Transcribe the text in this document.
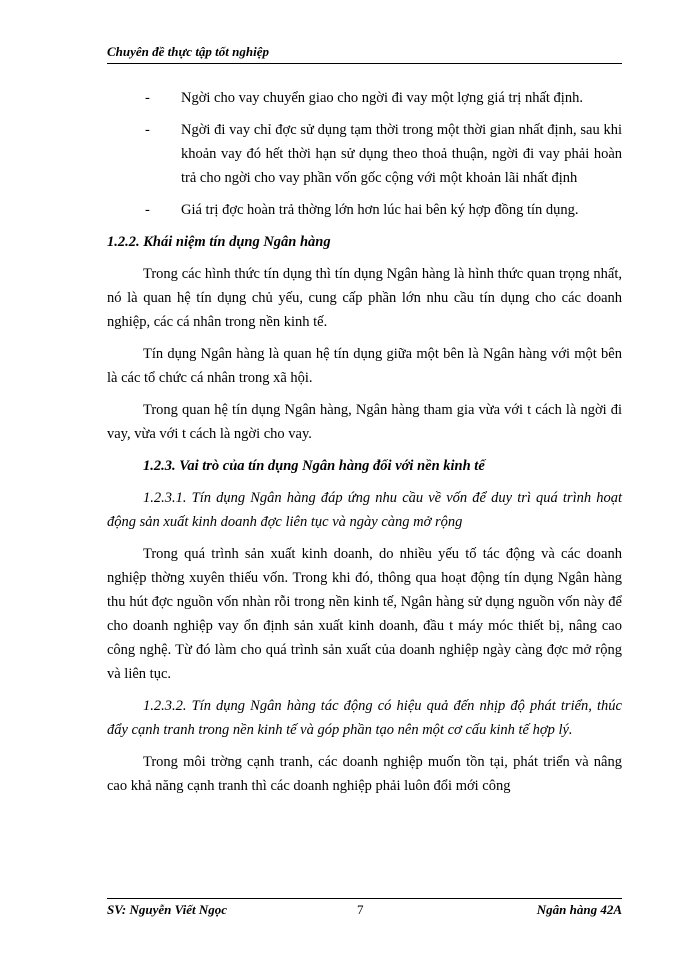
Chuyên đề thực tập tốt nghiệp
-	Ngời cho vay chuyển giao cho ngời đi vay một lợng giá trị nhất định.
-	Ngời đi vay chỉ đợc sử dụng tạm thời trong một thời gian nhất định, sau khi khoản vay đó hết thời hạn sử dụng theo thoả thuận, ngời đi vay phải hoàn trả cho ngời cho vay phần vốn gốc cộng với một khoản lãi nhất định
-	Giá trị đợc hoàn trả thờng lớn hơn lúc hai bên ký hợp đồng tín dụng.
1.2.2. Khái niệm tín dụng Ngân hàng

Trong các hình thức tín dụng thì tín dụng Ngân hàng là hình thức quan trọng nhất, nó là quan hệ tín dụng chủ yếu, cung cấp phần lớn nhu cầu tín dụng cho các doanh nghiệp, các cá nhân trong nền kinh tế.

Tín dụng Ngân hàng là quan hệ tín dụng giữa một bên là Ngân hàng với một bên là các tổ chức cá nhân trong xã hội.

Trong quan hệ tín dụng Ngân hàng, Ngân hàng tham gia vừa với t cách là ngời đi vay, vừa với t cách là ngời cho vay.

1.2.3. Vai trò của tín dụng Ngân hàng đối với nền kinh tế

1.2.3.1. Tín dụng Ngân hàng đáp ứng nhu cầu về vốn để duy trì quá trình hoạt động sản xuất kinh doanh đợc liên tục và ngày càng mở rộng

Trong quá trình sản xuất kinh doanh, do nhiều yếu tố tác động và các doanh nghiệp thờng xuyên thiếu vốn. Trong khi đó, thông qua hoạt động tín dụng Ngân hàng thu hút đợc nguồn vốn nhàn rỗi trong nền kinh tế, Ngân hàng sử dụng nguồn vốn này để cho doanh nghiệp vay ổn định sản xuất kinh doanh, đầu t máy móc thiết bị, nâng cao công nghệ. Từ đó làm cho quá trình sản xuất của doanh nghiệp ngày càng đợc mở rộng và liên tục.

1.2.3.2. Tín dụng Ngân hàng tác động có hiệu quả đến nhịp độ phát triển, thúc đẩy cạnh tranh trong nền kinh tế và góp phần tạo nên một cơ cấu kinh tế hợp lý.

Trong môi trờng cạnh tranh, các doanh nghiệp muốn tồn tại, phát triển và nâng cao khả năng cạnh tranh thì các doanh nghiệp phải luôn đổi mới công

SV: Nguyễn Viết Ngọc	7	Ngân hàng 42A
